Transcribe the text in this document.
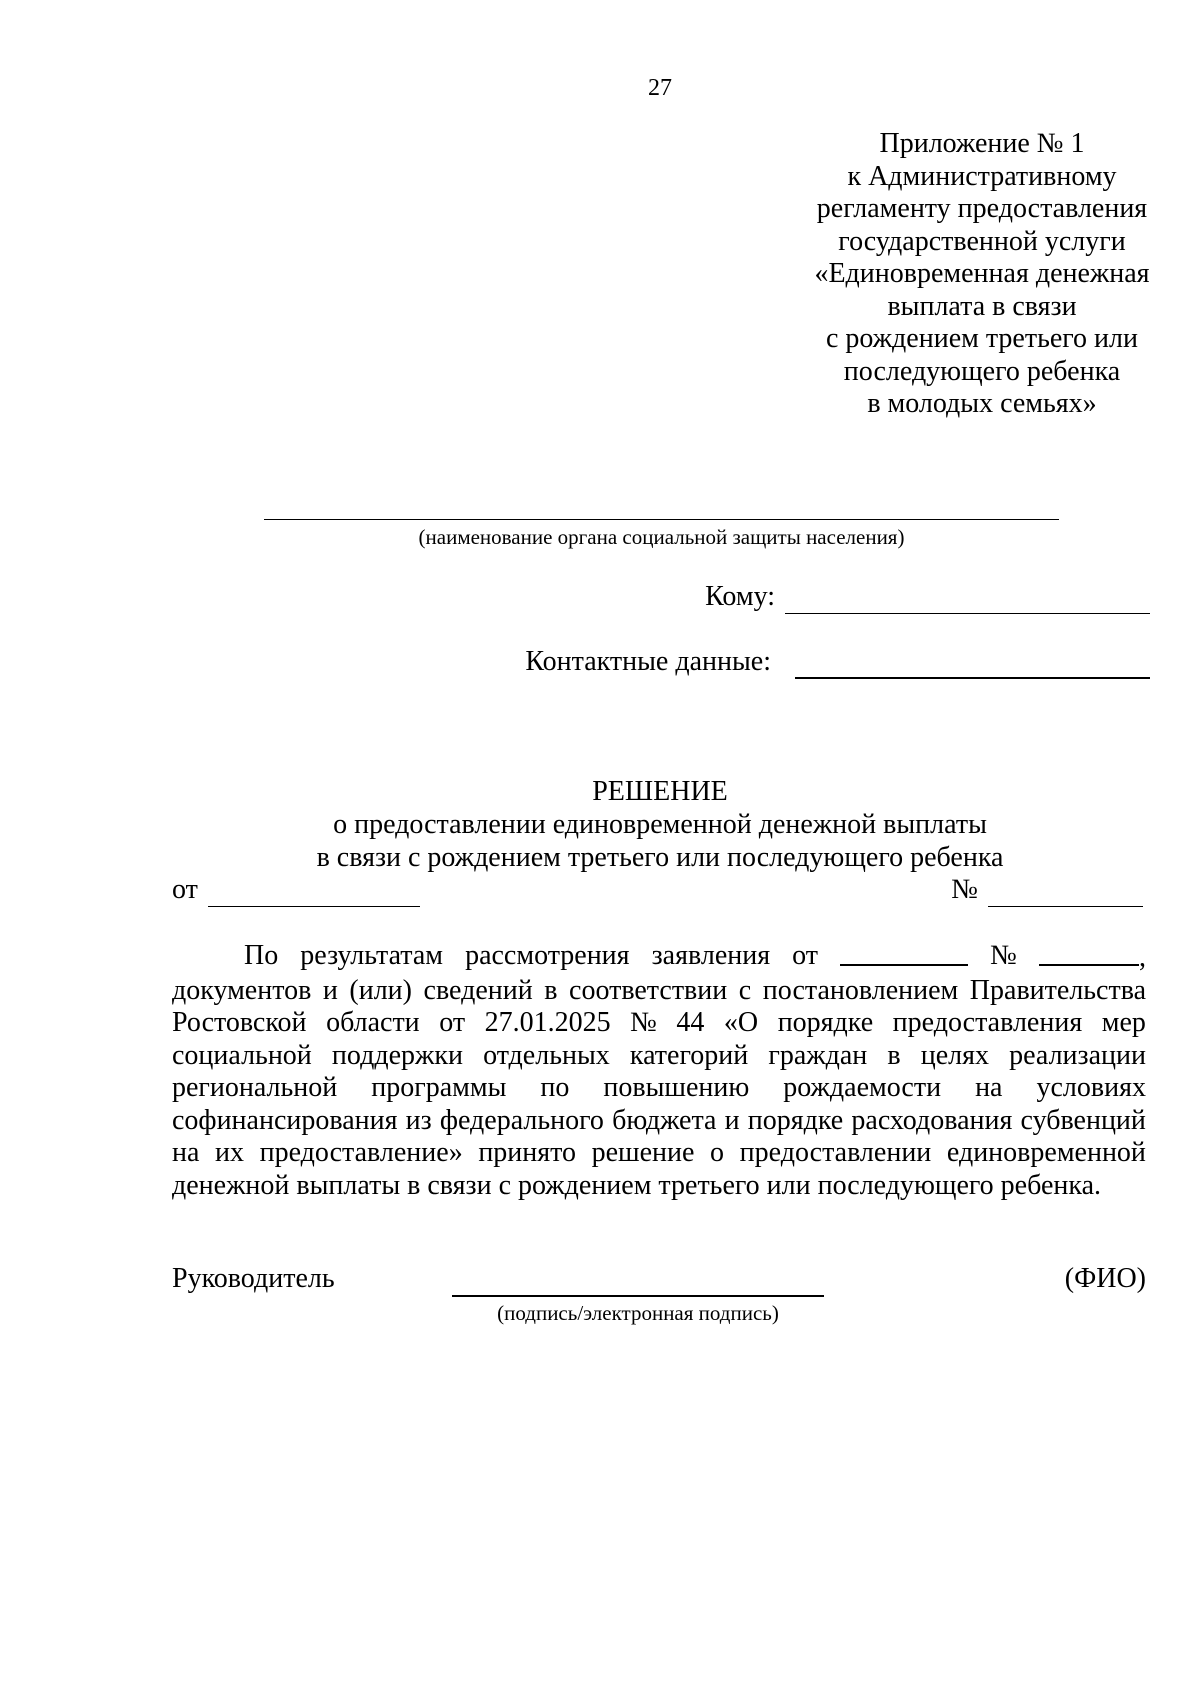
27
Приложение № 1
к Административному
регламенту предоставления
государственной услуги
«Единовременная денежная
выплата в связи
с рождением третьего или
последующего ребенка
в молодых семьях»
(наименование органа социальной защиты населения)
Кому:
Контактные данные:
РЕШЕНИЕ
о предоставлении единовременной денежной выплаты
в связи с рождением третьего или последующего ребенка
от	№
По результатам рассмотрения заявления от	№	,
документов и (или) сведений в соответствии с постановлением Правительства
Ростовской области от 27.01.2025 № 44 «О порядке предоставления мер
социальной поддержки отдельных категорий граждан в целях реализации
региональной программы по повышению рождаемости на условиях
софинансирования из федерального бюджета и порядке расходования субвенций
на их предоставление» принято решение о предоставлении единовременной
денежной выплаты в связи с рождением третьего или последующего ребенка.
Руководитель
(подпись/электронная подпись)
(ФИО)
